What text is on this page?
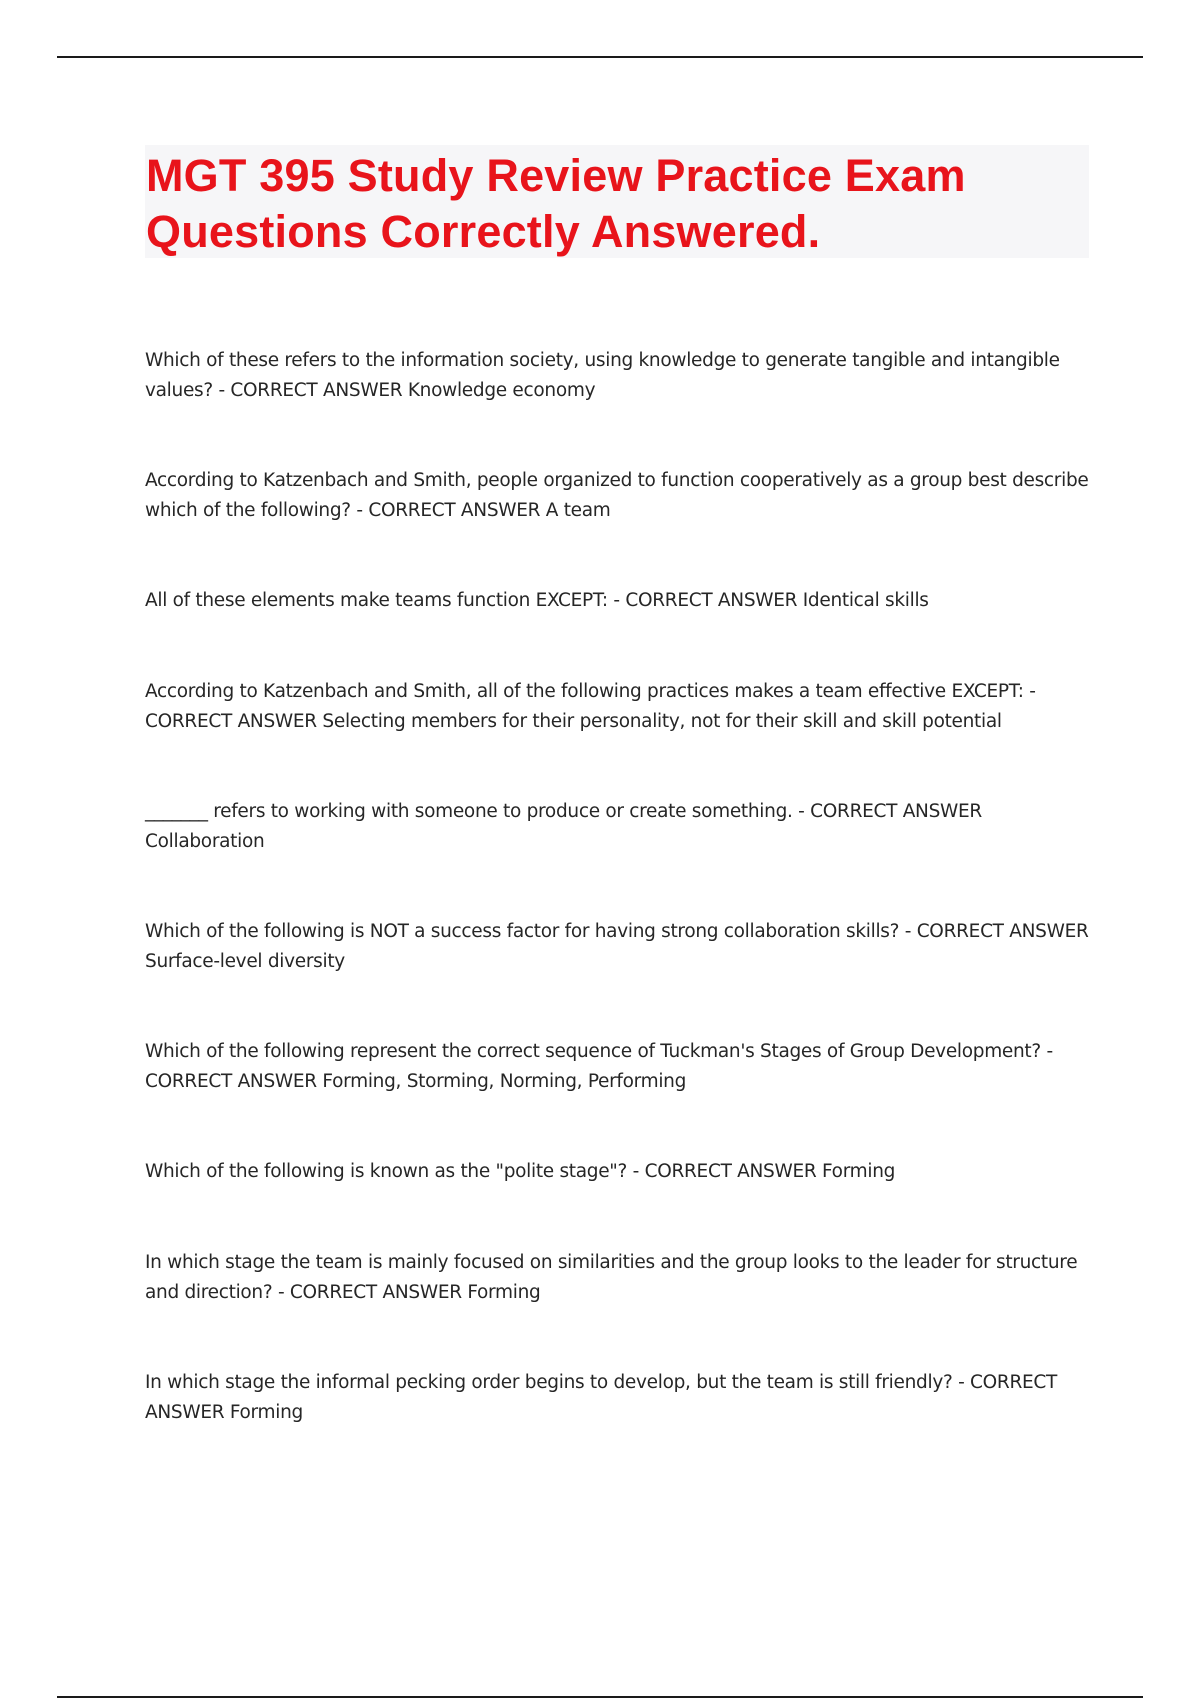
MGT 395 Study Review Practice Exam
Questions Correctly Answered.

Which of these refers to the information society, using knowledge to generate tangible and intangible
values? - CORRECT ANSWER Knowledge economy

According to Katzenbach and Smith, people organized to function cooperatively as a group best describe
which of the following? - CORRECT ANSWER A team

All of these elements make teams function EXCEPT: - CORRECT ANSWER Identical skills

According to Katzenbach and Smith, all of the following practices makes a team effective EXCEPT: -
CORRECT ANSWER Selecting members for their personality, not for their skill and skill potential

_______ refers to working with someone to produce or create something. - CORRECT ANSWER
Collaboration

Which of the following is NOT a success factor for having strong collaboration skills? - CORRECT ANSWER
Surface-level diversity

Which of the following represent the correct sequence of Tuckman's Stages of Group Development? -
CORRECT ANSWER Forming, Storming, Norming, Performing

Which of the following is known as the "polite stage"? - CORRECT ANSWER Forming

In which stage the team is mainly focused on similarities and the group looks to the leader for structure
and direction? - CORRECT ANSWER Forming

In which stage the informal pecking order begins to develop, but the team is still friendly? - CORRECT
ANSWER Forming
